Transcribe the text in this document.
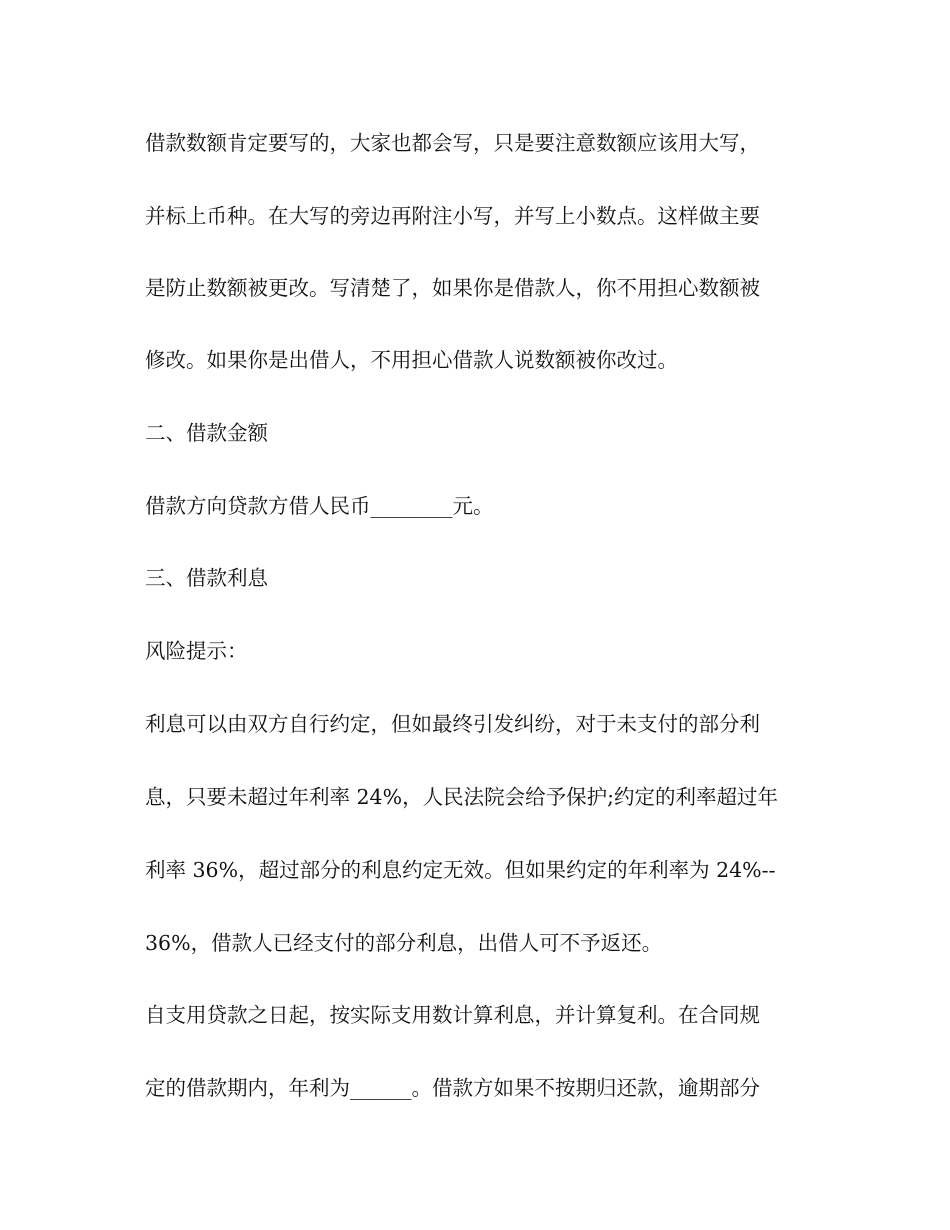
借款数额肯定要写的，大家也都会写，只是要注意数额应该用大写，
并标上币种。在大写的旁边再附注小写，并写上小数点。这样做主要
是防止数额被更改。写清楚了，如果你是借款人，你不用担心数额被
修改。如果你是出借人，不用担心借款人说数额被你改过。
二、借款金额
借款方向贷款方借人民币________元。
三、借款利息
风险提示：
利息可以由双方自行约定，但如最终引发纠纷，对于未支付的部分利
息，只要未超过年利率 24%，人民法院会给予保护;约定的利率超过年
利率 36%，超过部分的利息约定无效。但如果约定的年利率为 24%--
36%，借款人已经支付的部分利息，出借人可不予返还。
自支用贷款之日起，按实际支用数计算利息，并计算复利。在合同规
定的借款期内，年利为______。借款方如果不按期归还款，逾期部分
